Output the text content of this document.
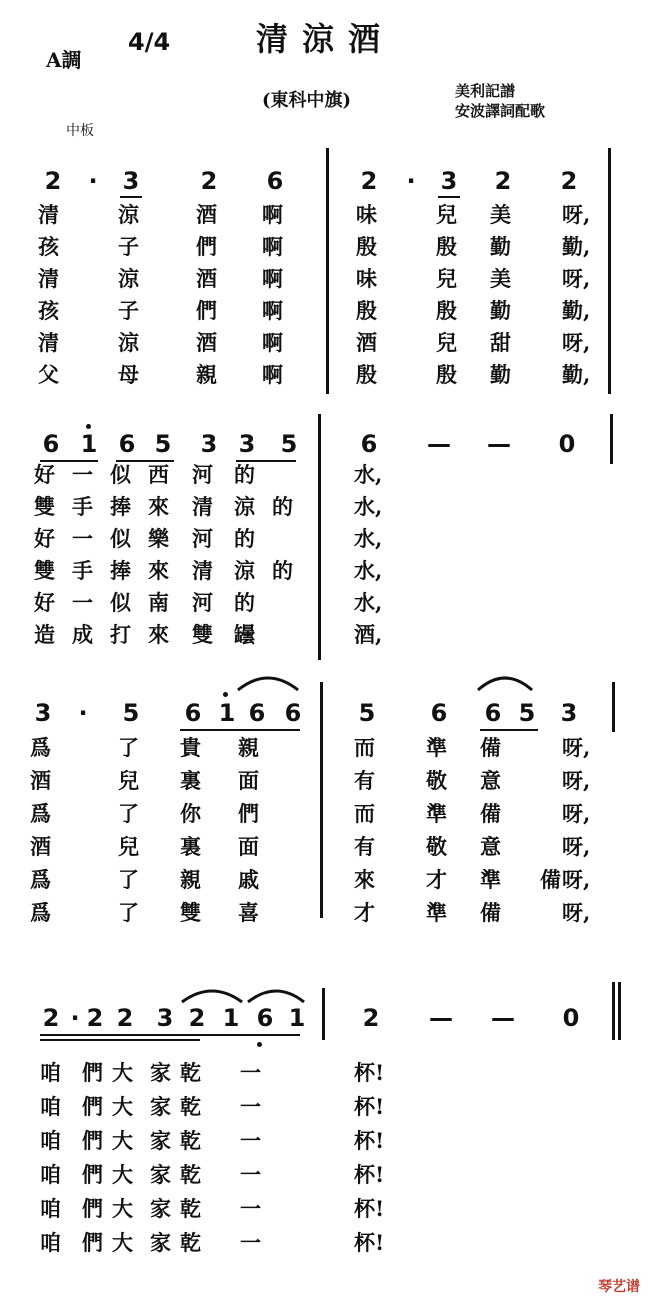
清涼酒
A調
4/4
(東科中旗)	美利記譜
安波譯詞配歌
中板
2	·	3	2 6	2	·	3 2 2
6 1 6 5 3 3 5	6 — — 0
3	·	5 6 1 6 6 5 6 6 5 3
2 · 2 2 3 2 1 6 1 2 — — 0
清	涼	酒	啊	味	兒	美	呀,
孩	子	們	啊	殷	殷	勤	勤,
清	涼	酒	啊	味	兒	美	呀,
孩	子	們	啊	殷	殷	勤	勤,
清	涼	酒	啊	酒	兒	甜	呀,
父	母	親	啊	殷	殷	勤	勤,
好 一 似 西	河	的	水,
雙 手 捧 來	清	涼 的	水,
好 一 似 樂	河	的	水,
雙 手 捧 來	清	涼 的	水,
好 一 似 南	河	的	水,
造 成 打 來	雙	罎	酒,
爲	了	貴	親	而	準	備	呀,
酒	兒	裏	面	有	敬	意	呀,
爲	了	你	們	而	準	備	呀,
酒	兒	裏	面	有	敬	意	呀,
爲	了	親	戚	來	才	準	備 呀,
爲	了	雙	喜	才	準	備	呀,
咱	們 大 家 乾	一	杯!
咱	們 大 家 乾	一	杯!
咱	們 大 家 乾	一	杯!
咱	們 大 家 乾	一	杯!
咱	們 大 家 乾	一	杯!
咱	們 大 家 乾	一	杯!
琴艺谱
